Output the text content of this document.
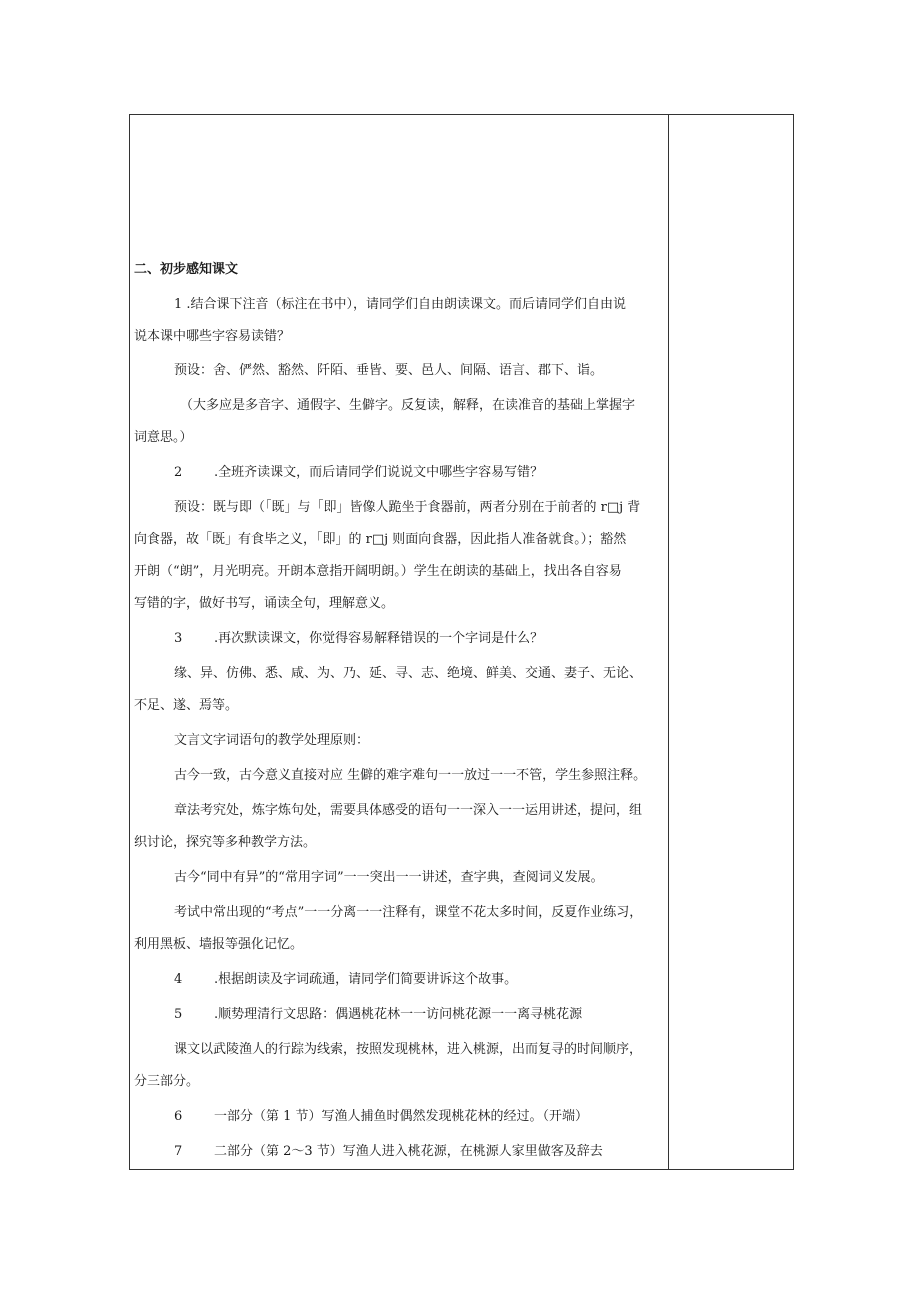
二、初步感知课文
1 .结合课下注音（标注在书中），请同学们自由朗读课文。而后请同学们自由说
说本课中哪些字容易读错？
预设：舍、俨然、豁然、阡陌、垂皆、要、邑人、间隔、语言、郡下、诣。
（大多应是多音字、通假字、生僻字。反复读，解释，在读准音的基础上掌握字
词意思。）
2 .全班齐读课文，而后请同学们说说文中哪些字容易写错？
预设：既与即（「既」与「即」皆像人跪坐于食器前，两者分别在于前者的 r□j 背
向食器，故「既」有食毕之义，「即」的 r□j 则面向食器，因此指人准备就食。）；豁然
开朗（“朗”，月光明亮。开朗本意指开阔明朗。）学生在朗读的基础上，找出各自容易
写错的字，做好书写，诵读全句，理解意义。
3 .再次默读课文，你觉得容易解释错误的一个字词是什么？
缘、异、仿佛、悉、咸、为、乃、延、寻、志、绝境、鲜美、交通、妻子、无论、
不足、遂、焉等。
文言文字词语句的教学处理原则：
古今一致，古今意义直接对应 生僻的难字难句一一放过一一不管，学生参照注释。
章法考究处，炼字炼句处，需要具体感受的语句一一深入一一运用讲述，提问，组
织讨论，探究等多种教学方法。
古今“同中有异”的“常用字词”一一突出一一讲述，查字典，查阅词义发展。
考试中常出现的“考点”一一分离一一注释有，课堂不花太多时间，反夏作业练习，
利用黑板、墙报等强化记忆。
4 .根据朗读及字词疏通，请同学们简要讲诉这个故事。
5 .顺势理清行文思路：偶遇桃花林一一访问桃花源一一离寻桃花源
课文以武陵渔人的行踪为线索，按照发现桃林，进入桃源，出而复寻的时间顺序，
分三部分。
6 一部分（第 1 节）写渔人捕鱼时偶然发现桃花林的经过。（开端）
7 二部分（第 2～3 节）写渔人进入桃花源，在桃源人家里做客及辞去
